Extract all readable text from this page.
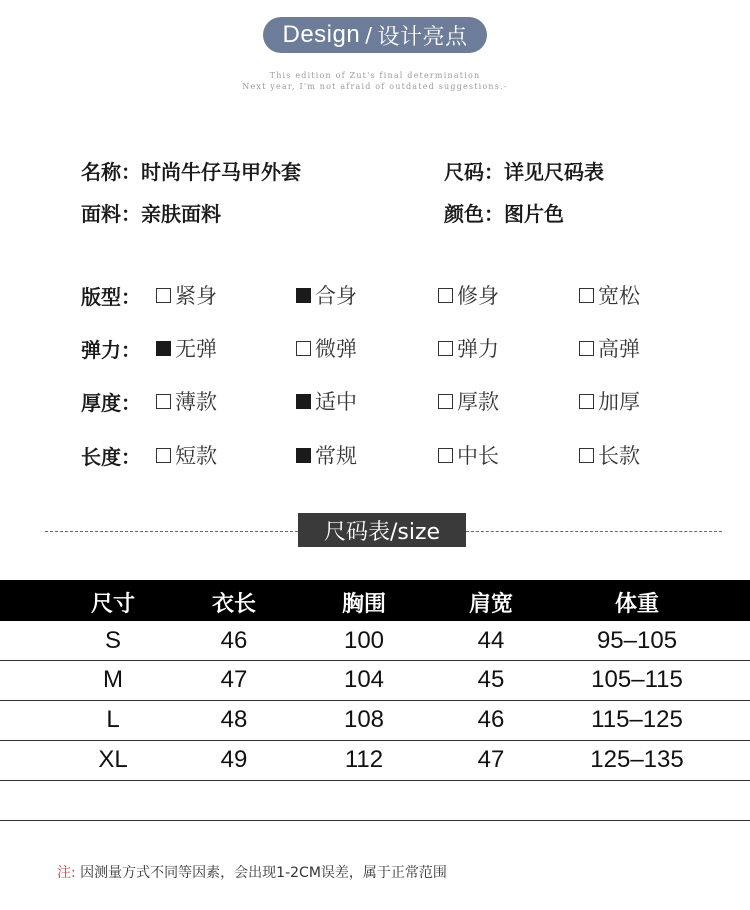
Design / 设计亮点
This edition of Zut's final determination
Next year, I'm not afraid of outdated suggestions.-
名称：时尚牛仔马甲外套	尺码：详见尺码表
面料：亲肤面料	颜色：图片色
版型： 紧身	合身	修身	宽松
弹力： 无弹	微弹	弹力	高弹
厚度： 薄款	适中	厚款	加厚
长度： 短款	常规	中长	长款
尺码表/size
尺寸	衣长	胸围	肩宽	体重
S	46	100	44	95–105
M	47	104	45	105–115
L	48	108	46	115–125
XL	49	112	47	125–135
注: 因测量方式不同等因素，会出现1-2CM误差，属于正常范围
